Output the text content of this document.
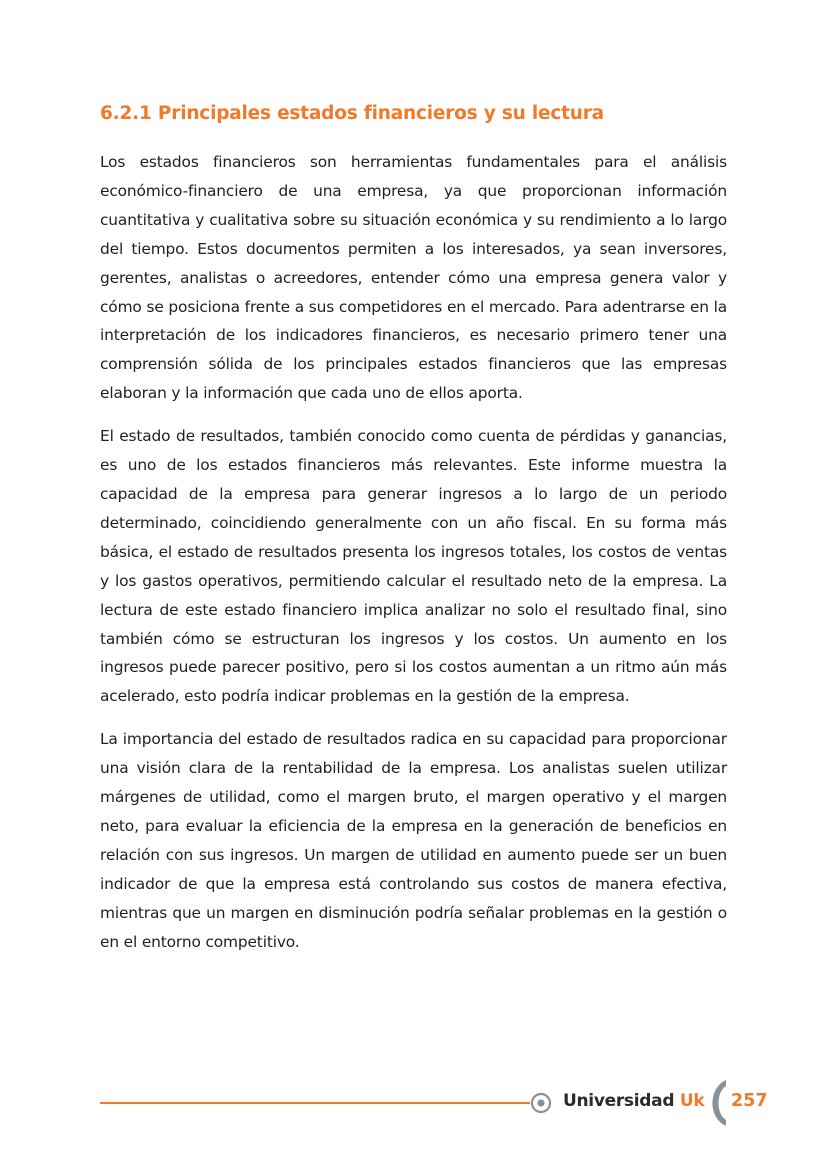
6.2.1 Principales estados financieros y su lectura

Los estados financieros son herramientas fundamentales para el análisis económico-financiero de una empresa, ya que proporcionan información cuantitativa y cualitativa sobre su situación económica y su rendimiento a lo largo del tiempo. Estos documentos permiten a los interesados, ya sean inversores, gerentes, analistas o acreedores, entender cómo una empresa genera valor y cómo se posiciona frente a sus competidores en el mercado. Para adentrarse en la interpretación de los indicadores financieros, es necesario primero tener una comprensión sólida de los principales estados financieros que las empresas elaboran y la información que cada uno de ellos aporta.

El estado de resultados, también conocido como cuenta de pérdidas y ganancias, es uno de los estados financieros más relevantes. Este informe muestra la capacidad de la empresa para generar ingresos a lo largo de un periodo determinado, coincidiendo generalmente con un año fiscal. En su forma más básica, el estado de resultados presenta los ingresos totales, los costos de ventas y los gastos operativos, permitiendo calcular el resultado neto de la empresa. La lectura de este estado financiero implica analizar no solo el resultado final, sino también cómo se estructuran los ingresos y los costos. Un aumento en los ingresos puede parecer positivo, pero si los costos aumentan a un ritmo aún más acelerado, esto podría indicar problemas en la gestión de la empresa.

La importancia del estado de resultados radica en su capacidad para proporcionar una visión clara de la rentabilidad de la empresa. Los analistas suelen utilizar márgenes de utilidad, como el margen bruto, el margen operativo y el margen neto, para evaluar la eficiencia de la empresa en la generación de beneficios en relación con sus ingresos. Un margen de utilidad en aumento puede ser un buen indicador de que la empresa está controlando sus costos de manera efectiva, mientras que un margen en disminución podría señalar problemas en la gestión o en el entorno competitivo.

Universidad Uk 257
